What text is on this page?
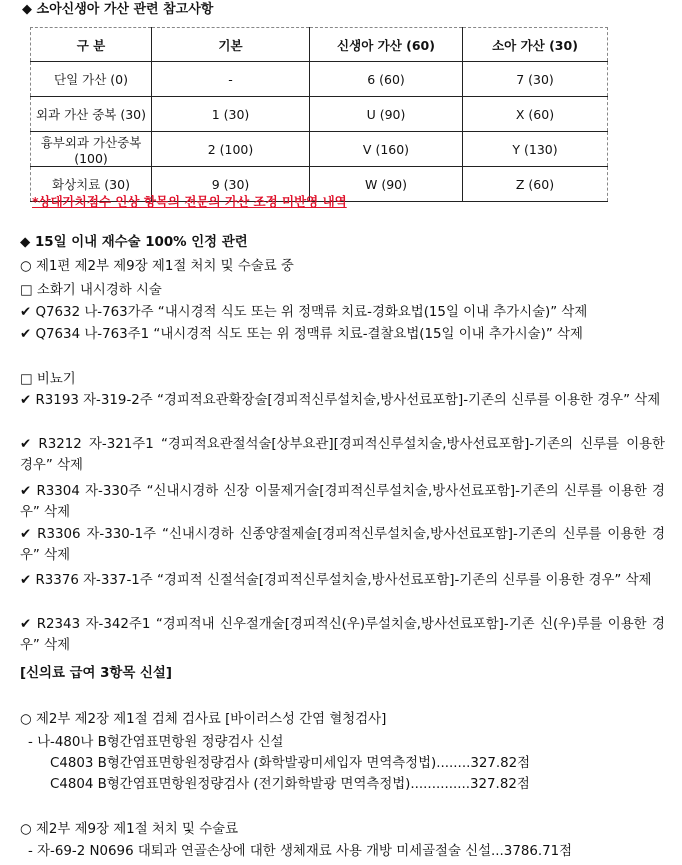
◆ 소아신생아 가산 관련 참고사항
구 분	기본	신생아 가산 (60)	소아 가산 (30)
단일 가산 (0)	-	6 (60)	7 (30)
외과 가산 중복 (30)	1 (30)	U (90)	X (60)
흉부외과 가산중복(100)	2 (100)	V (160)	Y (130)
화상치료 (30)	9 (30)	W (90)	Z (60)
*상대가치점수 인상 항목의 전문의 가산 조정 미반영 내역
◆ 15일 이내 재수술 100% 인정 관련
○ 제1편 제2부 제9장 제1절 처치 및 수술료 중
□ 소화기 내시경하 시술
✔ Q7632 나-763가주 “내시경적 식도 또는 위 정맥류 치료-경화요법(15일 이내 추가시술)” 삭제
✔ Q7634 나-763주1 “내시경적 식도 또는 위 정맥류 치료-결찰요법(15일 이내 추가시술)” 삭제
□ 비뇨기
✔ R3193 자-319-2주 “경피적요관확장술[경피적신루설치술,방사선료포함]-기존의 신루를 이용한 경우” 삭제
✔ R3212 자-321주1 “경피적요관절석술[상부요관][경피적신루설치술,방사선료포함]-기존의 신루를 이용한 경우” 삭제
✔ R3304 자-330주 “신내시경하 신장 이물제거술[경피적신루설치술,방사선료포함]-기존의 신루를 이용한 경우” 삭제
✔ R3306 자-330-1주 “신내시경하 신종양절제술[경피적신루설치술,방사선료포함]-기존의 신루를 이용한 경우” 삭제
✔ R3376 자-337-1주 “경피적 신절석술[경피적신루설치술,방사선료포함]-기존의 신루를 이용한 경우” 삭제
✔ R2343 자-342주1 “경피적내 신우절개술[경피적신(우)루설치술,방사선료포함]-기존 신(우)루를 이용한 경우” 삭제
[신의료 급여 3항목 신설]
○ 제2부 제2장 제1절 검체 검사료 [바이러스성 간염 혈청검사]
- 나-480나 B형간염표면항원 정량검사 신설
C4803 B형간염표면항원정량검사 (화학발광미세입자 면역측정법)........327.82점
C4804 B형간염표면항원정량검사 (전기화학발광 면역측정법)..............327.82점
○ 제2부 제9장 제1절 처치 및 수술료
- 자-69-2 N0696 대퇴과 연골손상에 대한 생체재료 사용 개방 미세골절술 신설...3786.71점
